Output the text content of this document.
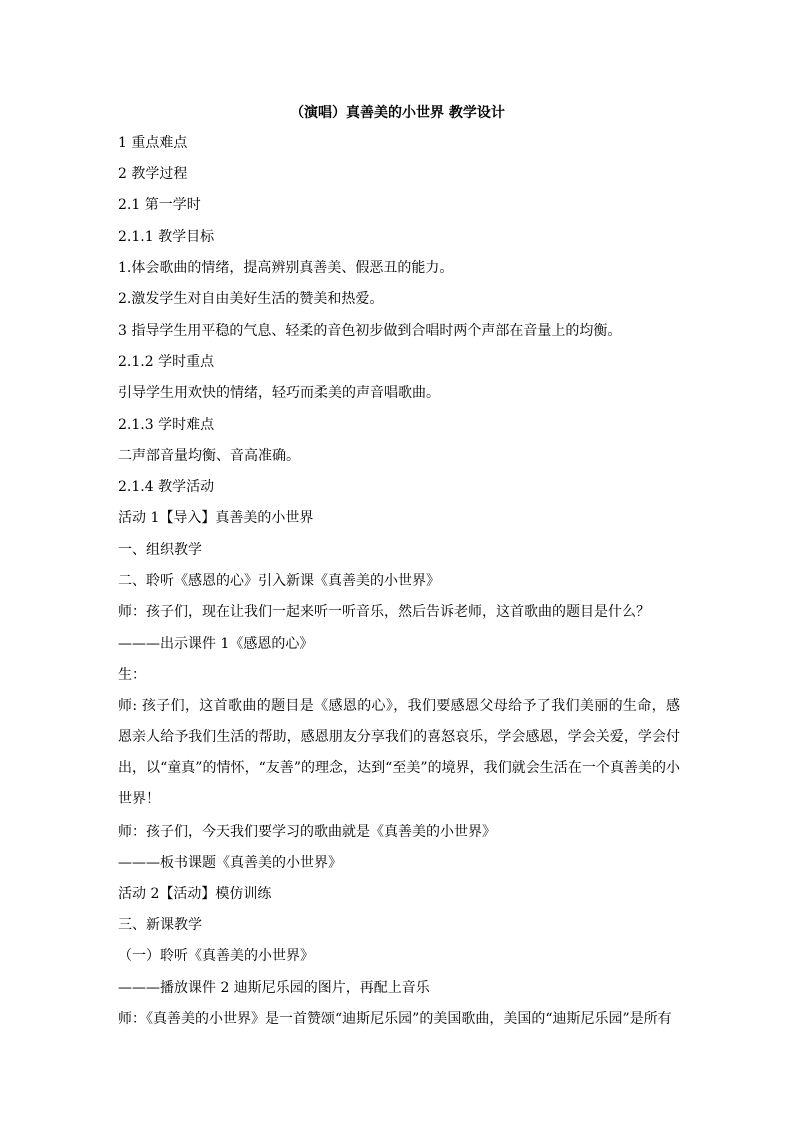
（演唱）真善美的小世界 教学设计
1 重点难点
2 教学过程
2.1 第一学时
2.1.1 教学目标
1.体会歌曲的情绪，提高辨别真善美、假恶丑的能力。
2.激发学生对自由美好生活的赞美和热爱。
3 指导学生用平稳的气息、轻柔的音色初步做到合唱时两个声部在音量上的均衡。
2.1.2 学时重点
引导学生用欢快的情绪，轻巧而柔美的声音唱歌曲。
2.1.3 学时难点
二声部音量均衡、音高准确。
2.1.4 教学活动
活动 1【导入】真善美的小世界
一、组织教学
二、聆听《感恩的心》引入新课《真善美的小世界》
师：孩子们，现在让我们一起来听一听音乐，然后告诉老师，这首歌曲的题目是什么？
———出示课件 1《感恩的心》
生：
师: 孩子们，这首歌曲的题目是《感恩的心》，我们要感恩父母给予了我们美丽的生命，感恩亲人给予我们生活的帮助，感恩朋友分享我们的喜怒哀乐，学会感恩，学会关爱，学会付出，以“童真”的情怀，“友善”的理念，达到“至美”的境界，我们就会生活在一个真善美的小世界！
师：孩子们，今天我们要学习的歌曲就是《真善美的小世界》
———板书课题《真善美的小世界》
活动 2【活动】模仿训练
三、新课教学
（一）聆听《真善美的小世界》
———播放课件 2 迪斯尼乐园的图片，再配上音乐
师：《真善美的小世界》是一首赞颂“迪斯尼乐园”的美国歌曲，美国的“迪斯尼乐园”是所有
